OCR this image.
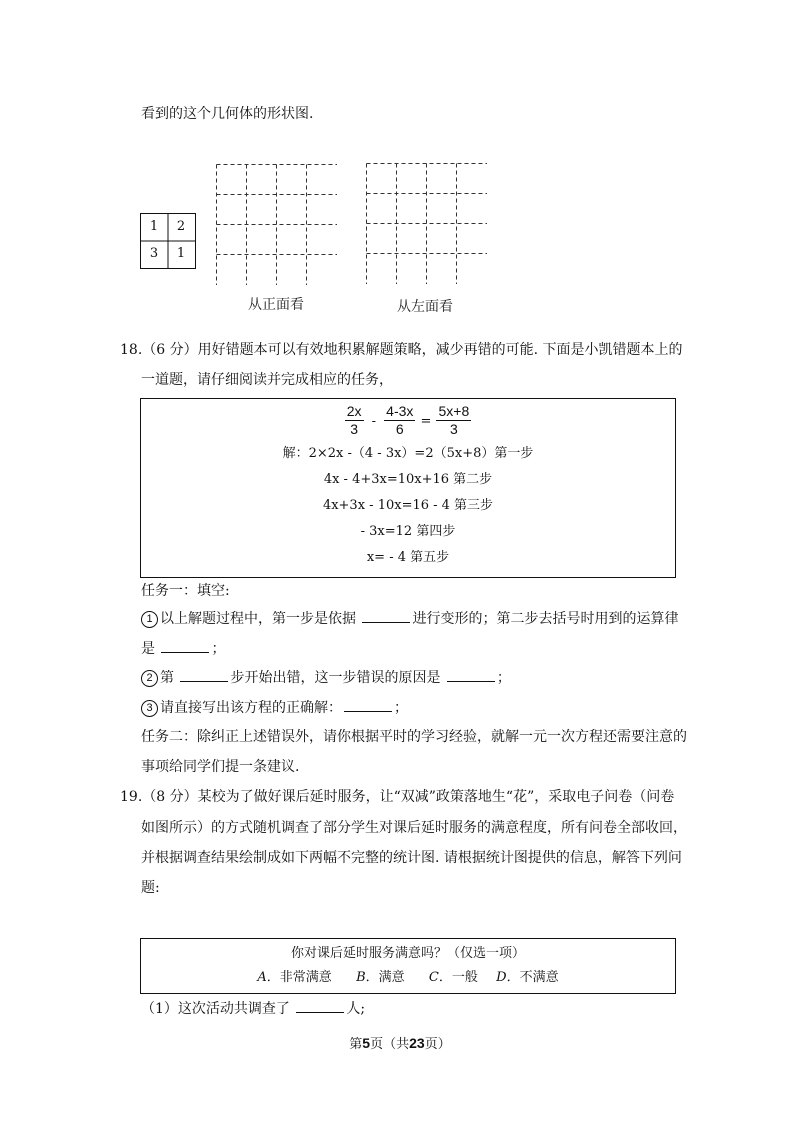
看到的这个几何体的形状图.
1	2
3	1
从正面看	从左面看
18.（6 分）用好错题本可以有效地积累解题策略，减少再错的可能. 下面是小凯错题本上的
一道题，请仔细阅读并完成相应的任务，
$\frac{2x}{3} - \frac{4-3x}{6} = \frac{5x+8}{3}$
解：2×2x -（4 - 3x）=2（5x+8）第一步
4x - 4+3x=10x+16 第二步
4x+3x - 10x=16 - 4 第三步
- 3x=12 第四步
x= - 4 第五步
任务一：填空:
1 以上解题过程中，第一步是依据	进行变形的；第二步去括号时用到的运算律
是	；
2 第	步开始出错，这一步错误的原因是	；
3 请直接写出该方程的正确解：	；
任务二：除纠正上述错误外，请你根据平时的学习经验，就解一元一次方程还需要注意的
事项给同学们提一条建议.
19.（8 分）某校为了做好课后延时服务，让“双减”政策落地生“花”，采取电子问卷（问卷
如图所示）的方式随机调查了部分学生对课后延时服务的满意程度，所有问卷全部收回，
并根据调查结果绘制成如下两幅不完整的统计图. 请根据统计图提供的信息，解答下列问
题:
你对课后延时服务满意吗？（仅选一项）
A．非常满意 B．满意 C．一般 D．不满意
（1）这次活动共调查了	人;
第5页（共23页）
